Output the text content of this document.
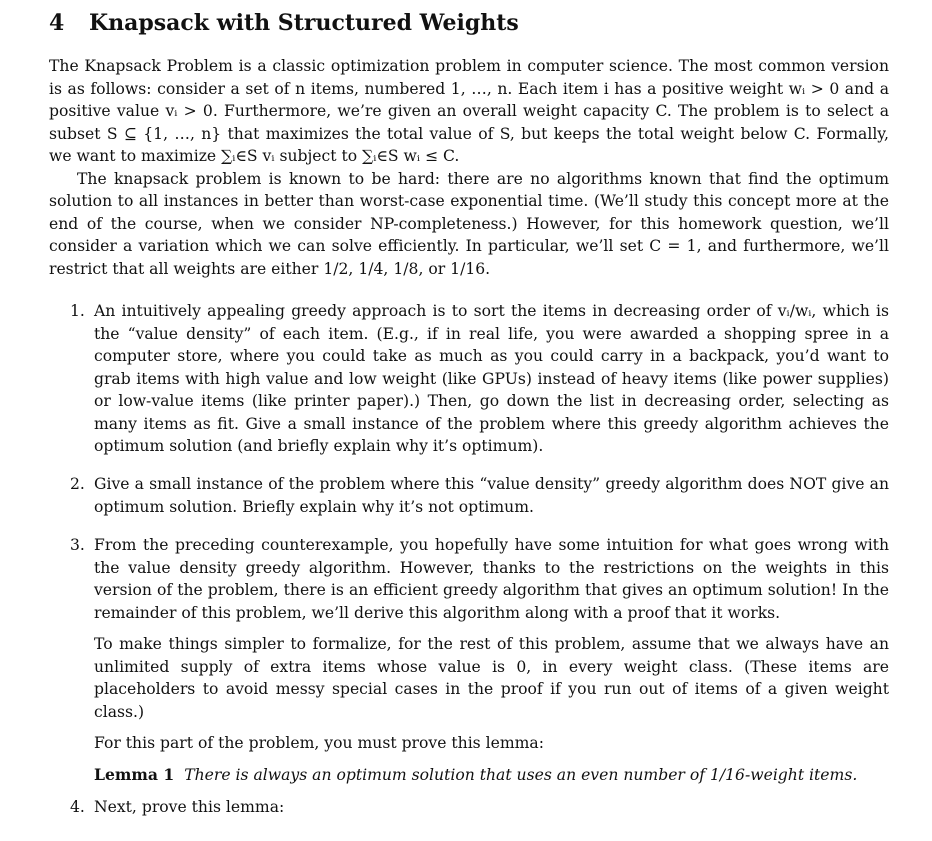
4 Knapsack with Structured Weights

The Knapsack Problem is a classic optimization problem in computer science. The most common version is as follows: consider a set of n items, numbered 1, …, n. Each item i has a positive weight wᵢ > 0 and a positive value vᵢ > 0. Furthermore, we’re given an overall weight capacity C. The problem is to select a subset S ⊆ {1, …, n} that maximizes the total value of S, but keeps the total weight below C. Formally, we want to maximize ∑ᵢ∈S vᵢ subject to ∑ᵢ∈S wᵢ ≤ C.

The knapsack problem is known to be hard: there are no algorithms known that find the optimum solution to all instances in better than worst-case exponential time. (We’ll study this concept more at the end of the course, when we consider NP-completeness.) However, for this homework question, we’ll consider a variation which we can solve efficiently. In particular, we’ll set C = 1, and furthermore, we’ll restrict that all weights are either 1/2, 1/4, 1/8, or 1/16.

1. An intuitively appealing greedy approach is to sort the items in decreasing order of vᵢ/wᵢ, which is the “value density” of each item. (E.g., if in real life, you were awarded a shopping spree in a computer store, where you could take as much as you could carry in a backpack, you’d want to grab items with high value and low weight (like GPUs) instead of heavy items (like power supplies) or low-value items (like printer paper).) Then, go down the list in decreasing order, selecting as many items as fit. Give a small instance of the problem where this greedy algorithm achieves the optimum solution (and briefly explain why it’s optimum).

2. Give a small instance of the problem where this “value density” greedy algorithm does NOT give an optimum solution. Briefly explain why it’s not optimum.

3. From the preceding counterexample, you hopefully have some intuition for what goes wrong with the value density greedy algorithm. However, thanks to the restrictions on the weights in this version of the problem, there is an efficient greedy algorithm that gives an optimum solution! In the remainder of this problem, we’ll derive this algorithm along with a proof that it works.

To make things simpler to formalize, for the rest of this problem, assume that we always have an unlimited supply of extra items whose value is 0, in every weight class. (These items are placeholders to avoid messy special cases in the proof if you run out of items of a given weight class.)

For this part of the problem, you must prove this lemma:

Lemma 1 There is always an optimum solution that uses an even number of 1/16-weight items.

4. Next, prove this lemma:
